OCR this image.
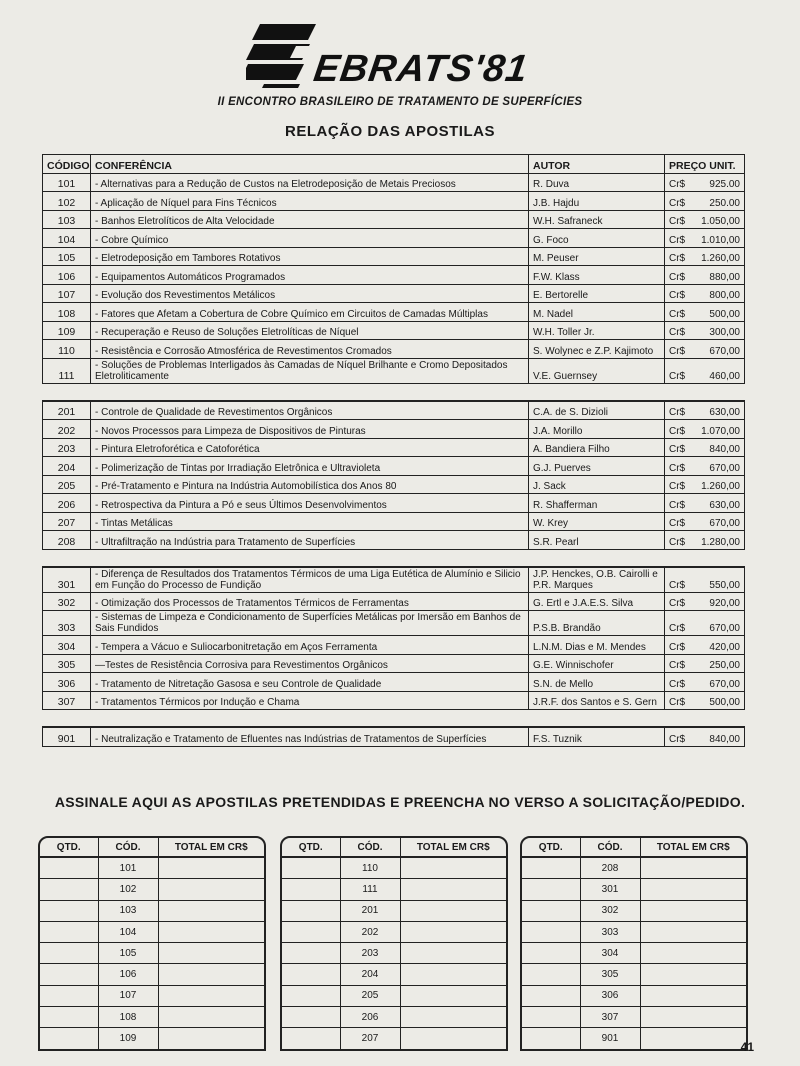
EBRATS'81
II ENCONTRO BRASILEIRO DE TRATAMENTO DE SUPERFÍCIES
RELAÇÃO DAS APOSTILAS
CÓDIGO	CONFERÊNCIA	AUTOR	PREÇO UNIT.
101	- Alternativas para a Redução de Custos na Eletrodeposição de Metais Preciosos	R. Duva	Cr$ 925.00

102	- Aplicação de Níquel para Fins Técnicos	J.B. Hajdu	Cr$ 250.00

103	- Banhos Eletrolíticos de Alta Velocidade	W.H. Safraneck	Cr$ 1.050,00

104	- Cobre Químico	G. Foco	Cr$ 1.010,00

105	- Eletrodeposição em Tambores Rotativos	M. Peuser	Cr$ 1.260,00

106	- Equipamentos Automáticos Programados	F.W. Klass	Cr$ 880,00

107	- Evolução dos Revestimentos Metálicos	E. Bertorelle	Cr$ 800,00

108	- Fatores que Afetam a Cobertura de Cobre Químico em Circuitos de Camadas Múltiplas	M. Nadel	Cr$ 500,00

109	- Recuperação e Reuso de Soluções Eletrolíticas de Níquel	W.H. Toller Jr.	Cr$ 300,00

110	- Resistência e Corrosão Atmosférica de Revestimentos Cromados	S. Wolynec e Z.P. Kajimoto	Cr$ 670,00

111	- Soluções de Problemas Interligados às Camadas de Níquel Brilhante e Cromo Depositados Eletroliticamente	V.E. Guernsey	Cr$ 460,00

201	- Controle de Qualidade de Revestimentos Orgânicos	C.A. de S. Dizioli	Cr$ 630,00

202	- Novos Processos para Limpeza de Dispositivos de Pinturas	J.A. Morillo	Cr$ 1.070,00

203	- Pintura Eletroforética e Catoforética	A. Bandiera Filho	Cr$ 840,00

204	- Polimerização de Tintas por Irradiação Eletrônica e Ultravioleta	G.J. Puerves	Cr$ 670,00

205	- Pré-Tratamento e Pintura na Indústria Automobilística dos Anos 80	J. Sack	Cr$ 1.260,00

206	- Retrospectiva da Pintura a Pó e seus Últimos Desenvolvimentos	R. Shafferman	Cr$ 630,00

207	- Tintas Metálicas	W. Krey	Cr$ 670,00

208	- Ultrafiltração na Indústria para Tratamento de Superfícies	S.R. Pearl	Cr$ 1.280,00

301	- Diferença de Resultados dos Tratamentos Térmicos de uma Liga Eutética de Alumínio e Silicio em Função do Processo de Fundição	J.P. Henckes, O.B. Cairolli e P.R. Marques	Cr$ 550,00

302	- Otimização dos Processos de Tratamentos Térmicos de Ferramentas	G. Ertl e J.A.E.S. Silva	Cr$ 920,00

303	- Sistemas de Limpeza e Condicionamento de Superfícies Metálicas por Imersão em Banhos de Sais Fundidos	P.S.B. Brandão	Cr$ 670,00

304	- Tempera a Vácuo e Suliocarbonitretação em Aços Ferramenta	L.N.M. Dias e M. Mendes	Cr$ 420,00

305	—Testes de Resistência Corrosiva para Revestimentos Orgânicos	G.E. Winnischofer	Cr$ 250,00

306	- Tratamento de Nitretação Gasosa e seu Controle de Qualidade	S.N. de Mello	Cr$ 670,00

307	- Tratamentos Térmicos por Indução e Chama	J.R.F. dos Santos e S. Gern	Cr$ 500,00

901	- Neutralização e Tratamento de Efluentes nas Indústrias de Tratamentos de Superfícies	F.S. Tuznik	Cr$ 840,00
ASSINALE AQUI AS APOSTILAS PRETENDIDAS E PREENCHA NO VERSO A SOLICITAÇÃO/PEDIDO.
QTD.	CÓD.	TOTAL EM CR$
	101	
	102	
	103	
	104	
	105	
	106	
	107	
	108	
	109	
QTD.	CÓD.	TOTAL EM CR$
	110	
	111	
	201	
	202	
	203	
	204	
	205	
	206	
	207	
QTD.	CÓD.	TOTAL EM CR$
	208	
	301	
	302	
	303	
	304	
	305	
	306	
	307	
	901	
41
